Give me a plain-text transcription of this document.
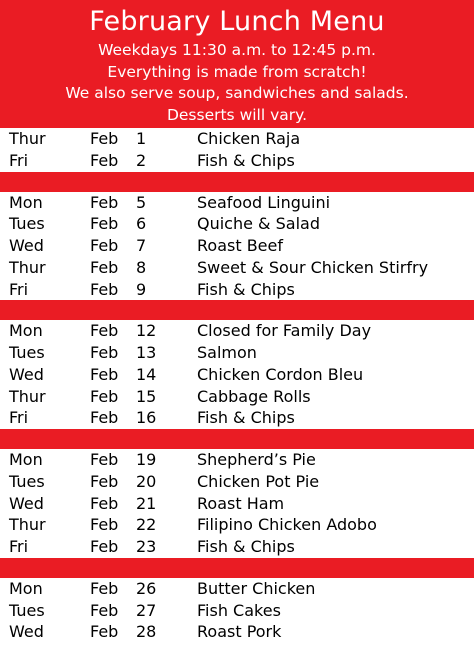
February Lunch Menu
Weekdays 11:30 a.m. to 12:45 p.m.
Everything is made from scratch!
We also serve soup, sandwiches and salads.
Desserts will vary.
Thur	Feb 1	Chicken Raja
Fri	Feb 2	Fish & Chips
Mon	Feb 5	Seafood Linguini
Tues	Feb 6	Quiche & Salad
Wed	Feb 7	Roast Beef
Thur	Feb 8	Sweet & Sour Chicken Stirfry
Fri	Feb 9	Fish & Chips
Mon	Feb 12	Closed for Family Day
Tues	Feb 13	Salmon
Wed	Feb 14	Chicken Cordon Bleu
Thur	Feb 15	Cabbage Rolls
Fri	Feb 16	Fish & Chips
Mon	Feb 19	Shepherd’s Pie
Tues	Feb 20	Chicken Pot Pie
Wed	Feb 21	Roast Ham
Thur	Feb 22	Filipino Chicken Adobo
Fri	Feb 23	Fish & Chips
Mon	Feb 26	Butter Chicken
Tues	Feb 27	Fish Cakes
Wed	Feb 28	Roast Pork
